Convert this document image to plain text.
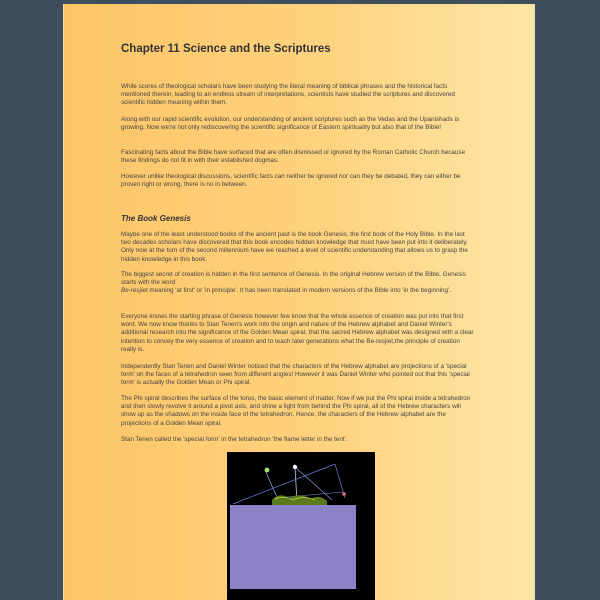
Chapter 11 Science and the Scriptures

While scores of theological scholars have been studying the literal meaning of biblical phrases and the historical facts mentioned therein, leading to an endless stream of interpretations, scientists have studied the scriptures and discovered scientific hidden meaning within them.

Along with our rapid scientific evolution, our understanding of ancient scriptures such as the Vedas and the Upanishads is growing. Now we're not only rediscovering the scientific significance of Eastern spirituality but also that of the Bible!

Fascinating facts about the Bible have surfaced that are often dismissed or ignored by the Roman Catholic Church because these findings do not fit in with their established dogmas.

However unlike theological discussions, scientific facts can neither be ignored nor can they be debated, they can either be proven right or wrong, there is no in between.

The Book Genesis

Maybe one of the least understood books of the ancient past is the book Genesis, the first book of the Holy Bible. In the last two decades scholars have discovered that this book encodes hidden knowledge that must have been put into it deliberately. Only now at the turn of the second millennium have we reached a level of scientific understanding that allows us to grasp the hidden knowledge in this book.

The biggest secret of creation is hidden in the first sentence of Genesis. In the original Hebrew version of the Bible, Genesis starts with the word
Be-resjiet meaning 'at first' or 'in principle'. It has been translated in modern versions of the Bible into 'in the beginning'.

Everyone knows the starting phrase of Genesis however few know that the whole essence of creation was put into that first word. We now know thanks to Stan Tenen's work into the origin and nature of the Hebrew alphabet and Daniel Winter's additional research into the significance of the Golden Mean spiral, that the sacred Hebrew alphabet was designed with a clear intention to convey the very essence of creation and to teach later generations what the Be-resjiet,the principle of creation really is.

Independently Stan Tenen and Daniel Winter noticed that the characters of the Hebrew alphabet are projections of a 'special form' on the faces of a tetrahedron seen from different angles! However it was Daniel Winter who pointed out that this 'special form' is actually the Golden Mean or Phi spiral.

The Phi spiral describes the surface of the torus, the basic element of matter. Now if we put the Phi spiral inside a tetrahedron and then slowly revolve it around a pivot axis, and shine a light from behind the Phi spiral, all of the Hebrew characters will show up as the shadows on the inside face of the tetrahedron. Hence, the characters of the Hebrew alphabet are the projections of a Golden Mean spiral.

Stan Tenen called the 'special form' in the tetrahedron 'the flame letter in the tent'.
